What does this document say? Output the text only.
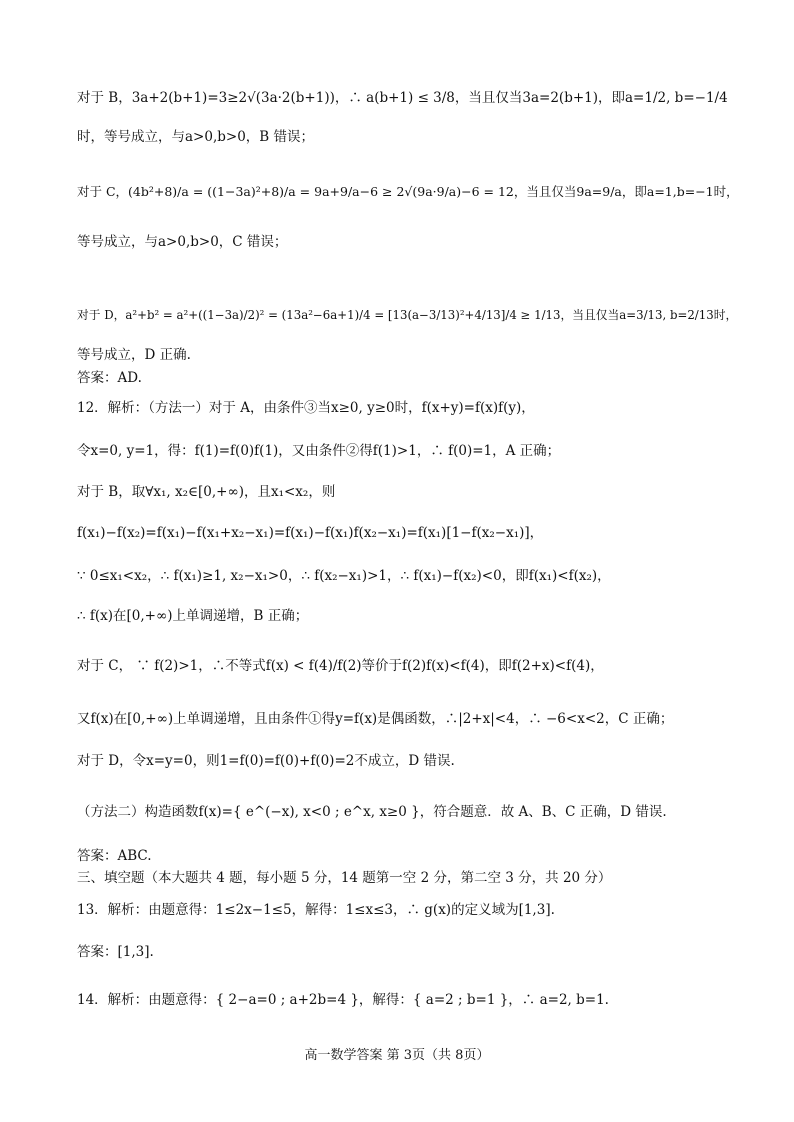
对于 B，3a+2(b+1)=3≥2√(3a·2(b+1))，∴ a(b+1) ≤ 3/8，当且仅当3a=2(b+1)，即a=1/2, b=−1/4
时，等号成立，与a>0,b>0，B 错误；
对于 C，(4b²+8)/a = ((1−3a)²+8)/a = 9a+9/a−6 ≥ 2√(9a·9/a)−6 = 12，当且仅当9a=9/a，即a=1,b=−1时，
等号成立，与a>0,b>0，C 错误；
对于 D，a²+b² = a²+((1−3a)/2)² = (13a²−6a+1)/4 = [13(a−3/13)²+4/13]/4 ≥ 1/13，当且仅当a=3/13, b=2/13时，
等号成立，D 正确.
答案：AD.
12．解析：（方法一）对于 A，由条件③当x≥0, y≥0时，f(x+y)=f(x)f(y)，
令x=0, y=1，得：f(1)=f(0)f(1)，又由条件②得f(1)>1，∴ f(0)=1，A 正确；
对于 B，取∀x₁, x₂∈[0,+∞)，且x₁<x₂，则
f(x₁)−f(x₂)=f(x₁)−f(x₁+x₂−x₁)=f(x₁)−f(x₁)f(x₂−x₁)=f(x₁)[1−f(x₂−x₁)]，
∵ 0≤x₁<x₂，∴ f(x₁)≥1, x₂−x₁>0，∴ f(x₂−x₁)>1，∴ f(x₁)−f(x₂)<0，即f(x₁)<f(x₂)，
∴ f(x)在[0,+∞)上单调递增，B 正确；
对于 C， ∵ f(2)>1，∴不等式f(x) < f(4)/f(2)等价于f(2)f(x)<f(4)，即f(2+x)<f(4)，
又f(x)在[0,+∞)上单调递增，且由条件①得y=f(x)是偶函数，∴|2+x|<4，∴ −6<x<2，C 正确；
对于 D，令x=y=0，则1=f(0)=f(0)+f(0)=2不成立，D 错误.
（方法二）构造函数f(x)={ e^(−x), x<0 ; e^x, x≥0 }，符合题意．故 A、B、C 正确，D 错误.
答案：ABC.
三、填空题（本大题共 4 题，每小题 5 分，14 题第一空 2 分，第二空 3 分，共 20 分）
13．解析：由题意得：1≤2x−1≤5，解得：1≤x≤3，∴ g(x)的定义域为[1,3].
答案：[1,3].
14．解析：由题意得：{ 2−a=0 ; a+2b=4 }，解得：{ a=2 ; b=1 }，∴ a=2, b=1.
高一数学答案 第 3页（共 8页）
